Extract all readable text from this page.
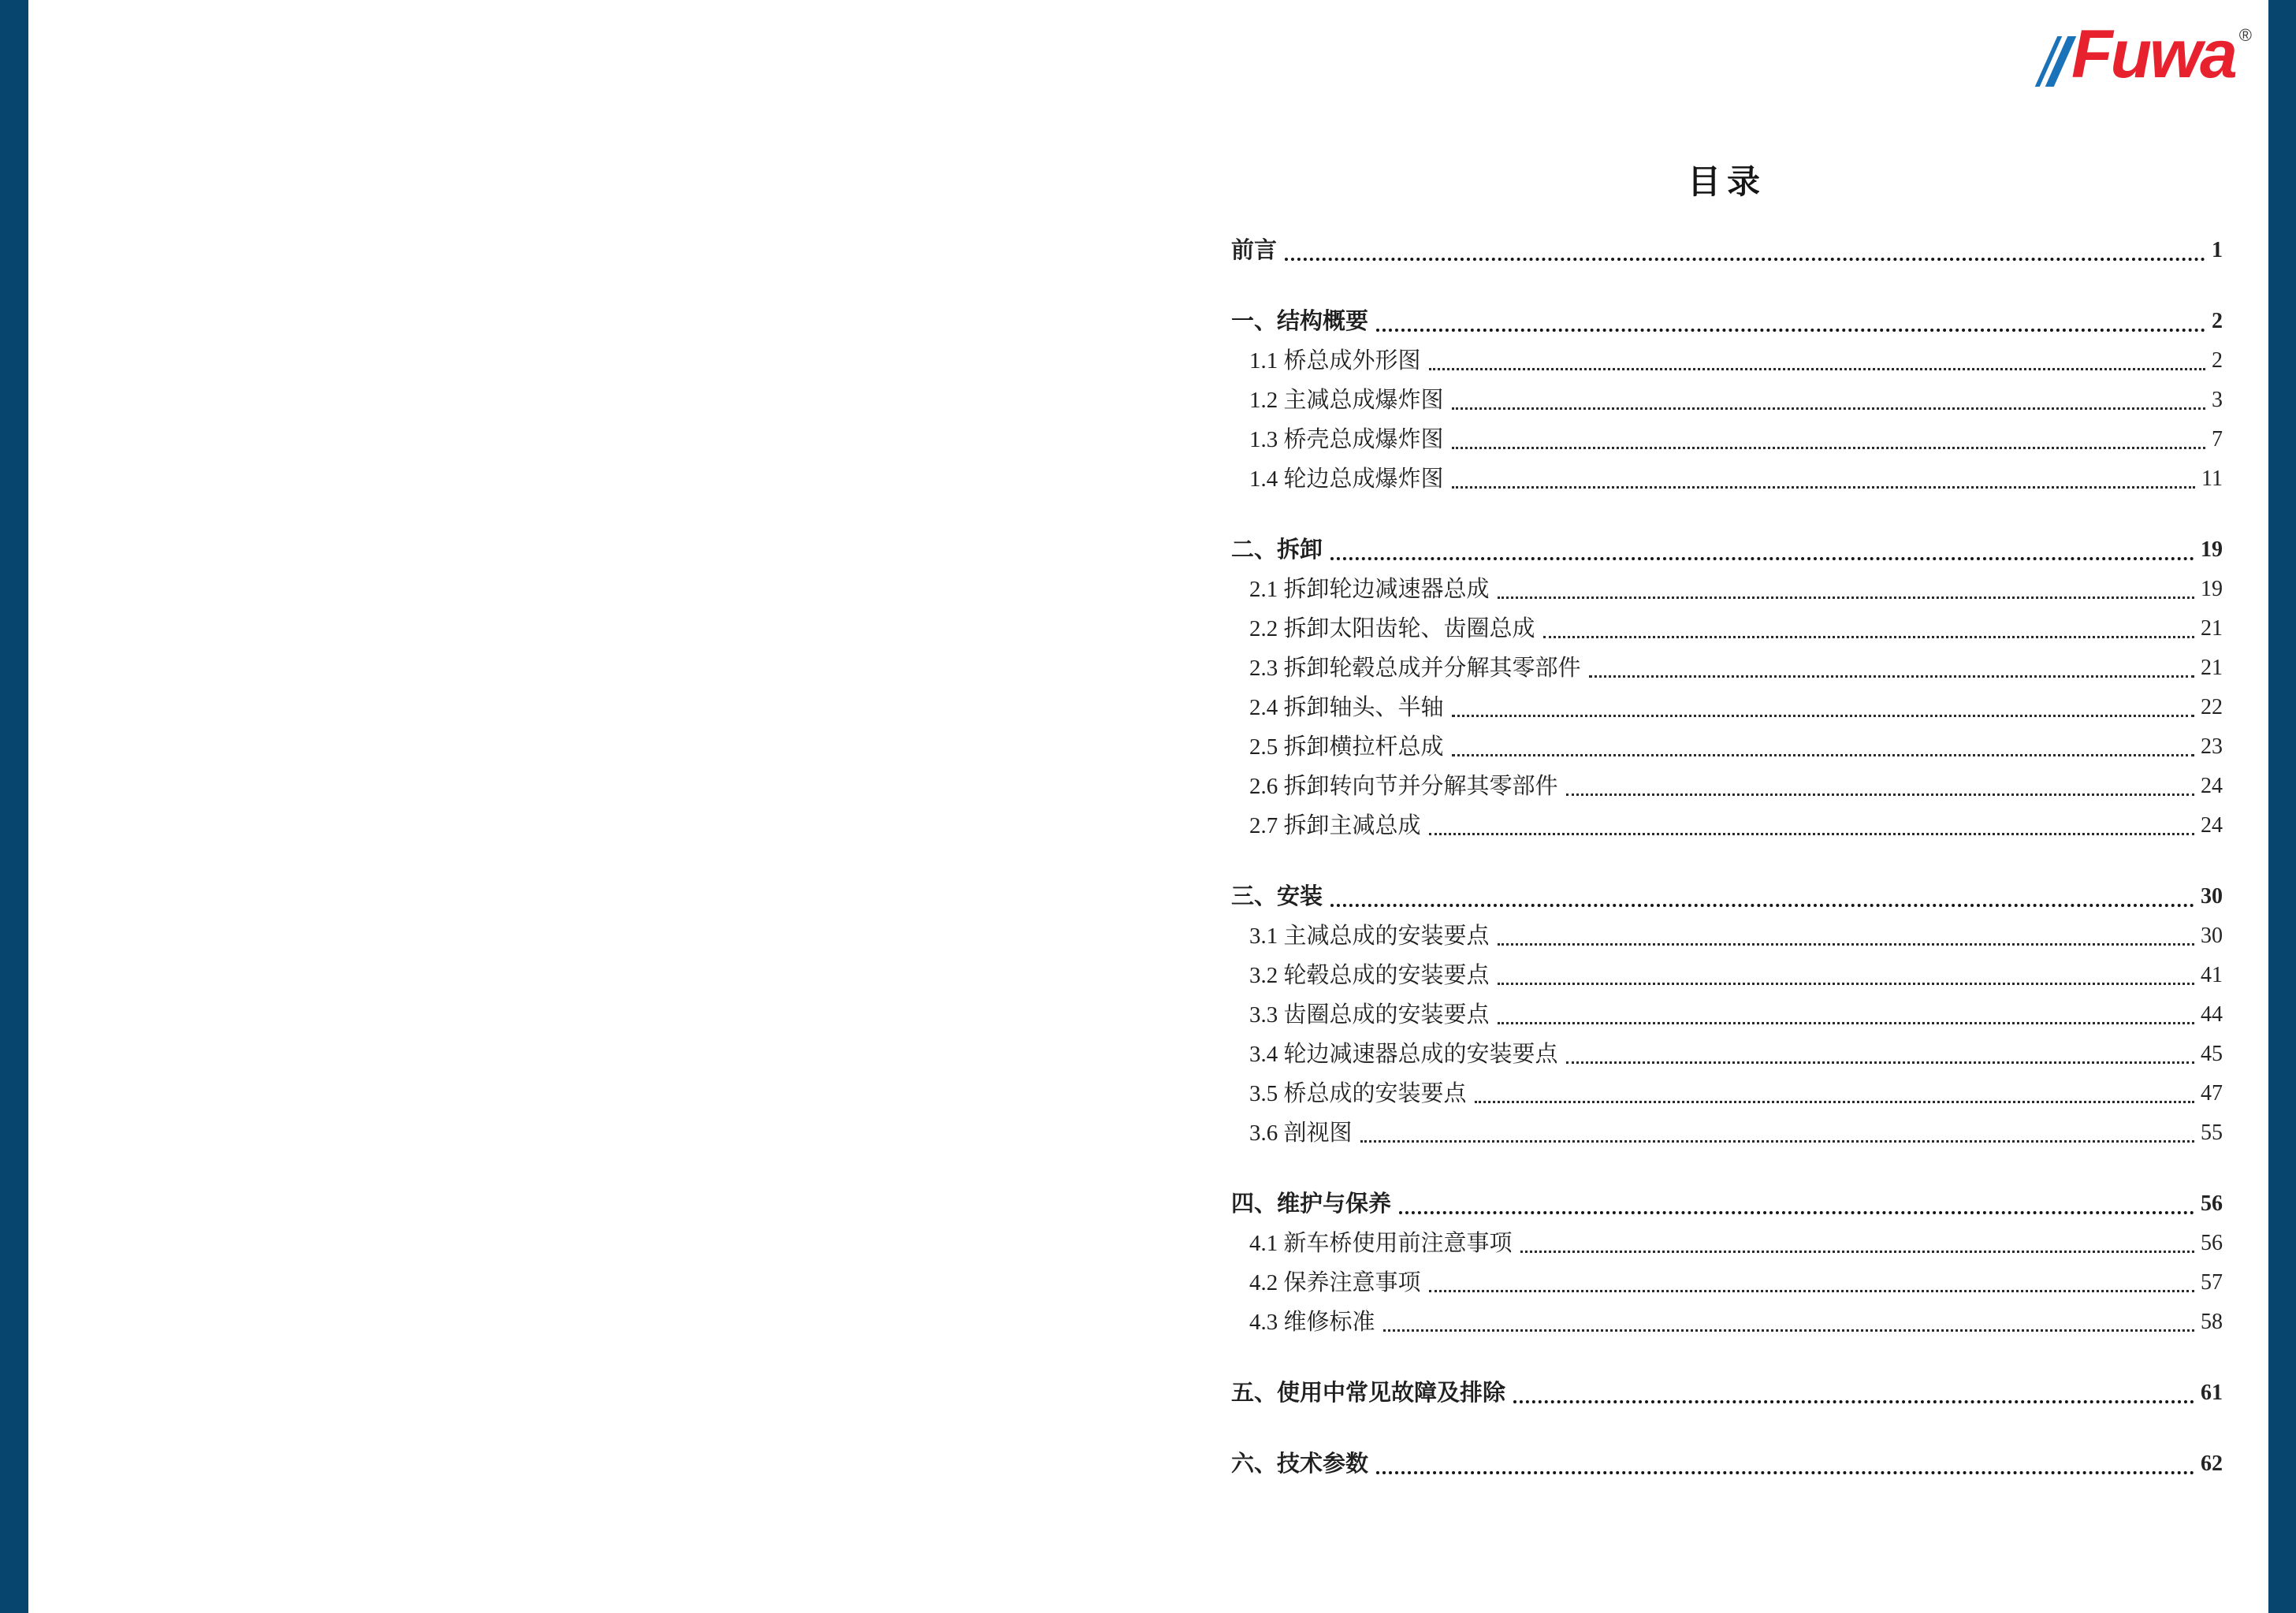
Fuwa ®
目录
前言	1
一、结构概要	2
1.1 桥总成外形图	2
1.2 主减总成爆炸图	3
1.3 桥壳总成爆炸图	7
1.4 轮边总成爆炸图	11
二、拆卸	19
2.1 拆卸轮边减速器总成	19
2.2 拆卸太阳齿轮、齿圈总成	21
2.3 拆卸轮毂总成并分解其零部件	21
2.4 拆卸轴头、半轴	22
2.5 拆卸横拉杆总成	23
2.6 拆卸转向节并分解其零部件	24
2.7 拆卸主减总成	24
三、安装	30
3.1 主减总成的安装要点	30
3.2 轮毂总成的安装要点	41
3.3 齿圈总成的安装要点	44
3.4 轮边减速器总成的安装要点	45
3.5 桥总成的安装要点	47
3.6 剖视图	55
四、维护与保养	56
4.1 新车桥使用前注意事项	56
4.2 保养注意事项	57
4.3 维修标准	58
五、使用中常见故障及排除	61
六、技术参数	62
